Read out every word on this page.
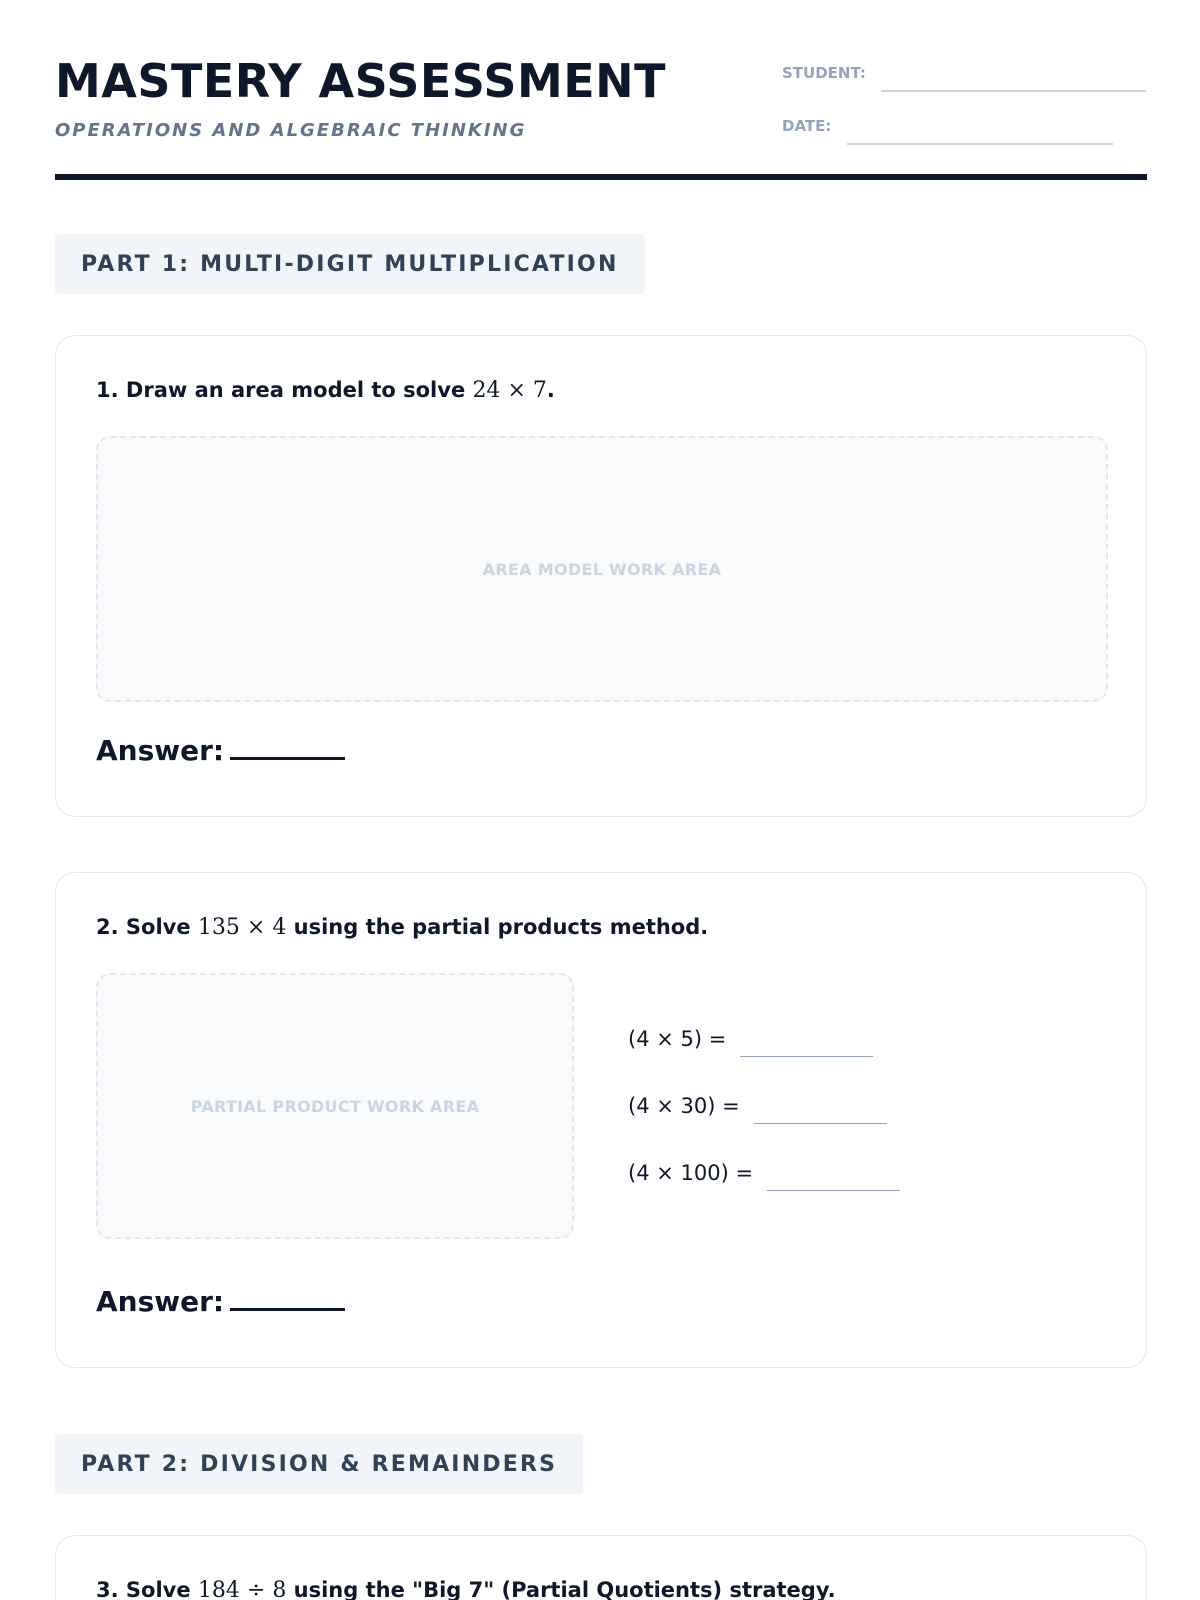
MASTERY ASSESSMENT
OPERATIONS AND ALGEBRAIC THINKING
STUDENT:
DATE:
PART 1: MULTI-DIGIT MULTIPLICATION
1. Draw an area model to solve 24 × 7.
AREA MODEL WORK AREA
Answer:
2. Solve 135 × 4 using the partial products method.
PARTIAL PRODUCT WORK AREA
(4 × 5) =
(4 × 30) =
(4 × 100) =
Answer:
PART 2: DIVISION & REMAINDERS
3. Solve 184 ÷ 8 using the "Big 7" (Partial Quotients) strategy.
